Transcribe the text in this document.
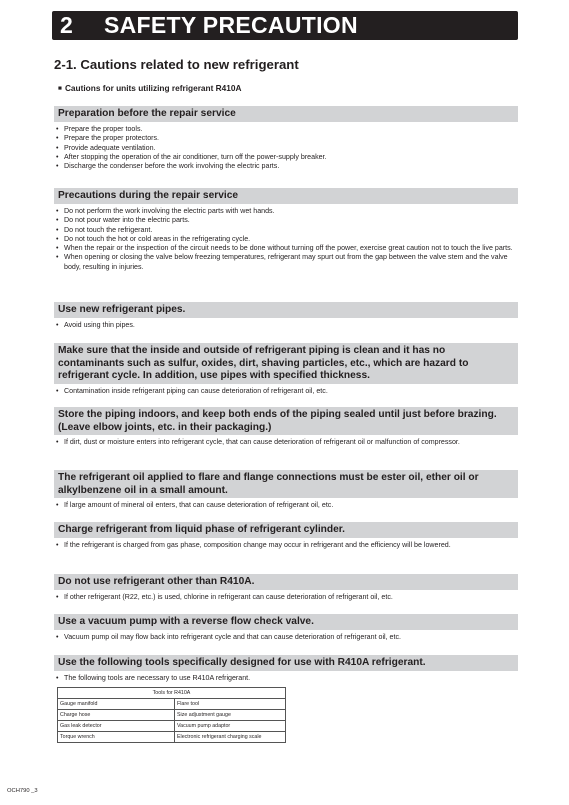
2 SAFETY PRECAUTION
2-1. Cautions related to new refrigerant
■ Cautions for units utilizing refrigerant R410A
Preparation before the repair service
• Prepare the proper tools.
• Prepare the proper protectors.
• Provide adequate ventilation.
• After stopping the operation of the air conditioner, turn off the power-supply breaker.
• Discharge the condenser before the work involving the electric parts.
Precautions during the repair service
• Do not perform the work involving the electric parts with wet hands.
• Do not pour water into the electric parts.
• Do not touch the refrigerant.
• Do not touch the hot or cold areas in the refrigerating cycle.
• When the repair or the inspection of the circuit needs to be done without turning off the power, exercise great caution not to touch the live parts.
• When opening or closing the valve below freezing temperatures, refrigerant may spurt out from the gap between the valve stem and the valve body, resulting in injuries.
Use new refrigerant pipes.
• Avoid using thin pipes.
Make sure that the inside and outside of refrigerant piping is clean and it has no contaminants such as sulfur, oxides, dirt, shaving particles, etc., which are hazard to refrigerant cycle. In addition, use pipes with specified thickness.
• Contamination inside refrigerant piping can cause deterioration of refrigerant oil, etc.
Store the piping indoors, and keep both ends of the piping sealed until just before brazing. (Leave elbow joints, etc. in their packaging.)
• If dirt, dust or moisture enters into refrigerant cycle, that can cause deterioration of refrigerant oil or malfunction of compressor.
The refrigerant oil applied to flare and flange connections must be ester oil, ether oil or alkylbenzene oil in a small amount.
• If large amount of mineral oil enters, that can cause deterioration of refrigerant oil, etc.
Charge refrigerant from liquid phase of refrigerant cylinder.
• If the refrigerant is charged from gas phase, composition change may occur in refrigerant and the efficiency will be lowered.
Do not use refrigerant other than R410A.
• If other refrigerant (R22, etc.) is used, chlorine in refrigerant can cause deterioration of refrigerant oil, etc.
Use a vacuum pump with a reverse flow check valve.
• Vacuum pump oil may flow back into refrigerant cycle and that can cause deterioration of refrigerant oil, etc.
Use the following tools specifically designed for use with R410A refrigerant.
• The following tools are necessary to use R410A refrigerant.
Tools for R410A	
Gauge manifold	Flare tool
Charge hose	Size adjustment gauge
Gas leak detector	Vacuum pump adaptor
Torque wrench	Electronic refrigerant charging scale
OCH790 _3
